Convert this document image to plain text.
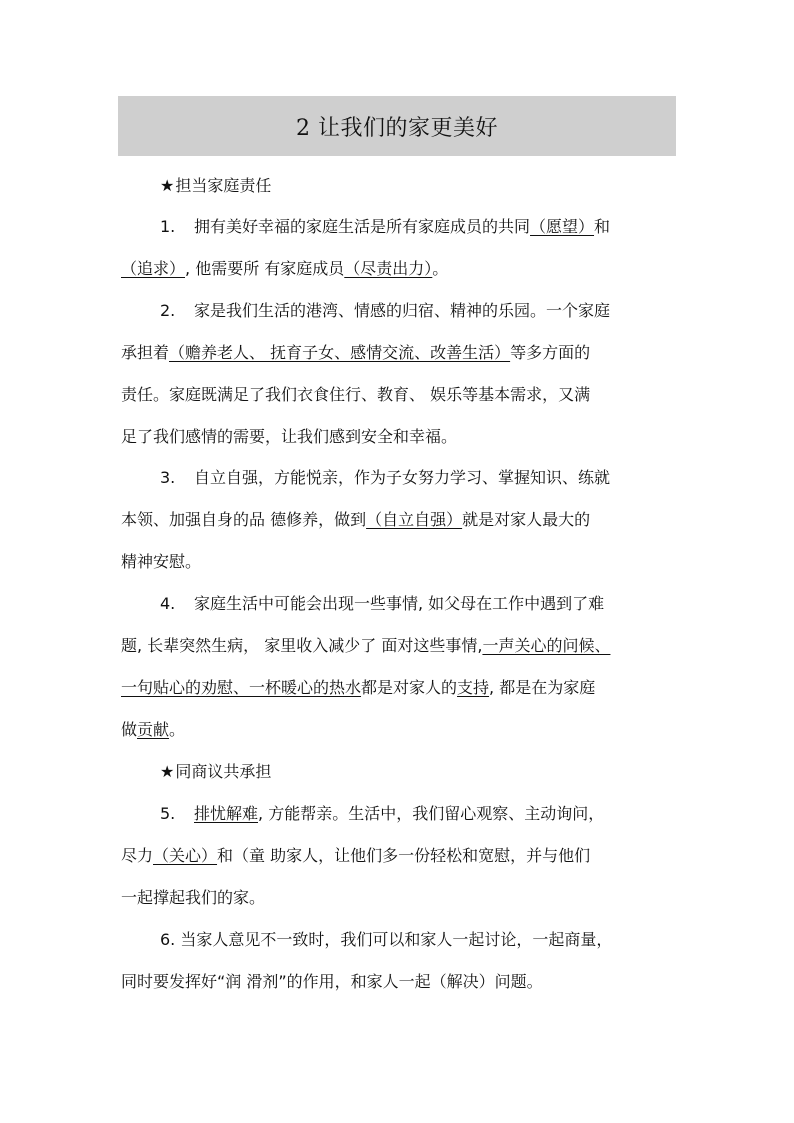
2 让我们的家更美好
★担当家庭责任
1. 拥有美好幸福的家庭生活是所有家庭成员的共同（愿望）和
（追求）, 他需要所 有家庭成员（尽责出力）。
2. 家是我们生活的港湾、情感的归宿、精神的乐园。一个家庭
承担着（赡养老人、 抚育子女、感情交流、改善生活）等多方面的
责任。家庭既满足了我们衣食住行、教育、 娱乐等基本需求，又满
足了我们感情的需要，让我们感到安全和幸福。
3. 自立自强，方能悦亲，作为子女努力学习、掌握知识、练就
本领、加强自身的品 德修养，做到（自立自强）就是对家人最大的
精神安慰。
4. 家庭生活中可能会出现一些事情, 如父母在工作中遇到了难
题, 长辈突然生病， 家里收入减少了 面对这些事情,一声关心的问候、
一句贴心的劝慰、一杯暖心的热水都是对家人的支持, 都是在为家庭
做贡献。
★同商议共承担
5. 排忧解难, 方能帮亲。生活中，我们留心观察、主动询问，
尽力（关心）和（童 助家人，让他们多一份轻松和宽慰，并与他们
一起撑起我们的家。
6. 当家人意见不一致时，我们可以和家人一起讨论，一起商量，
同时要发挥好“润 滑剂”的作用，和家人一起（解决）问题。
